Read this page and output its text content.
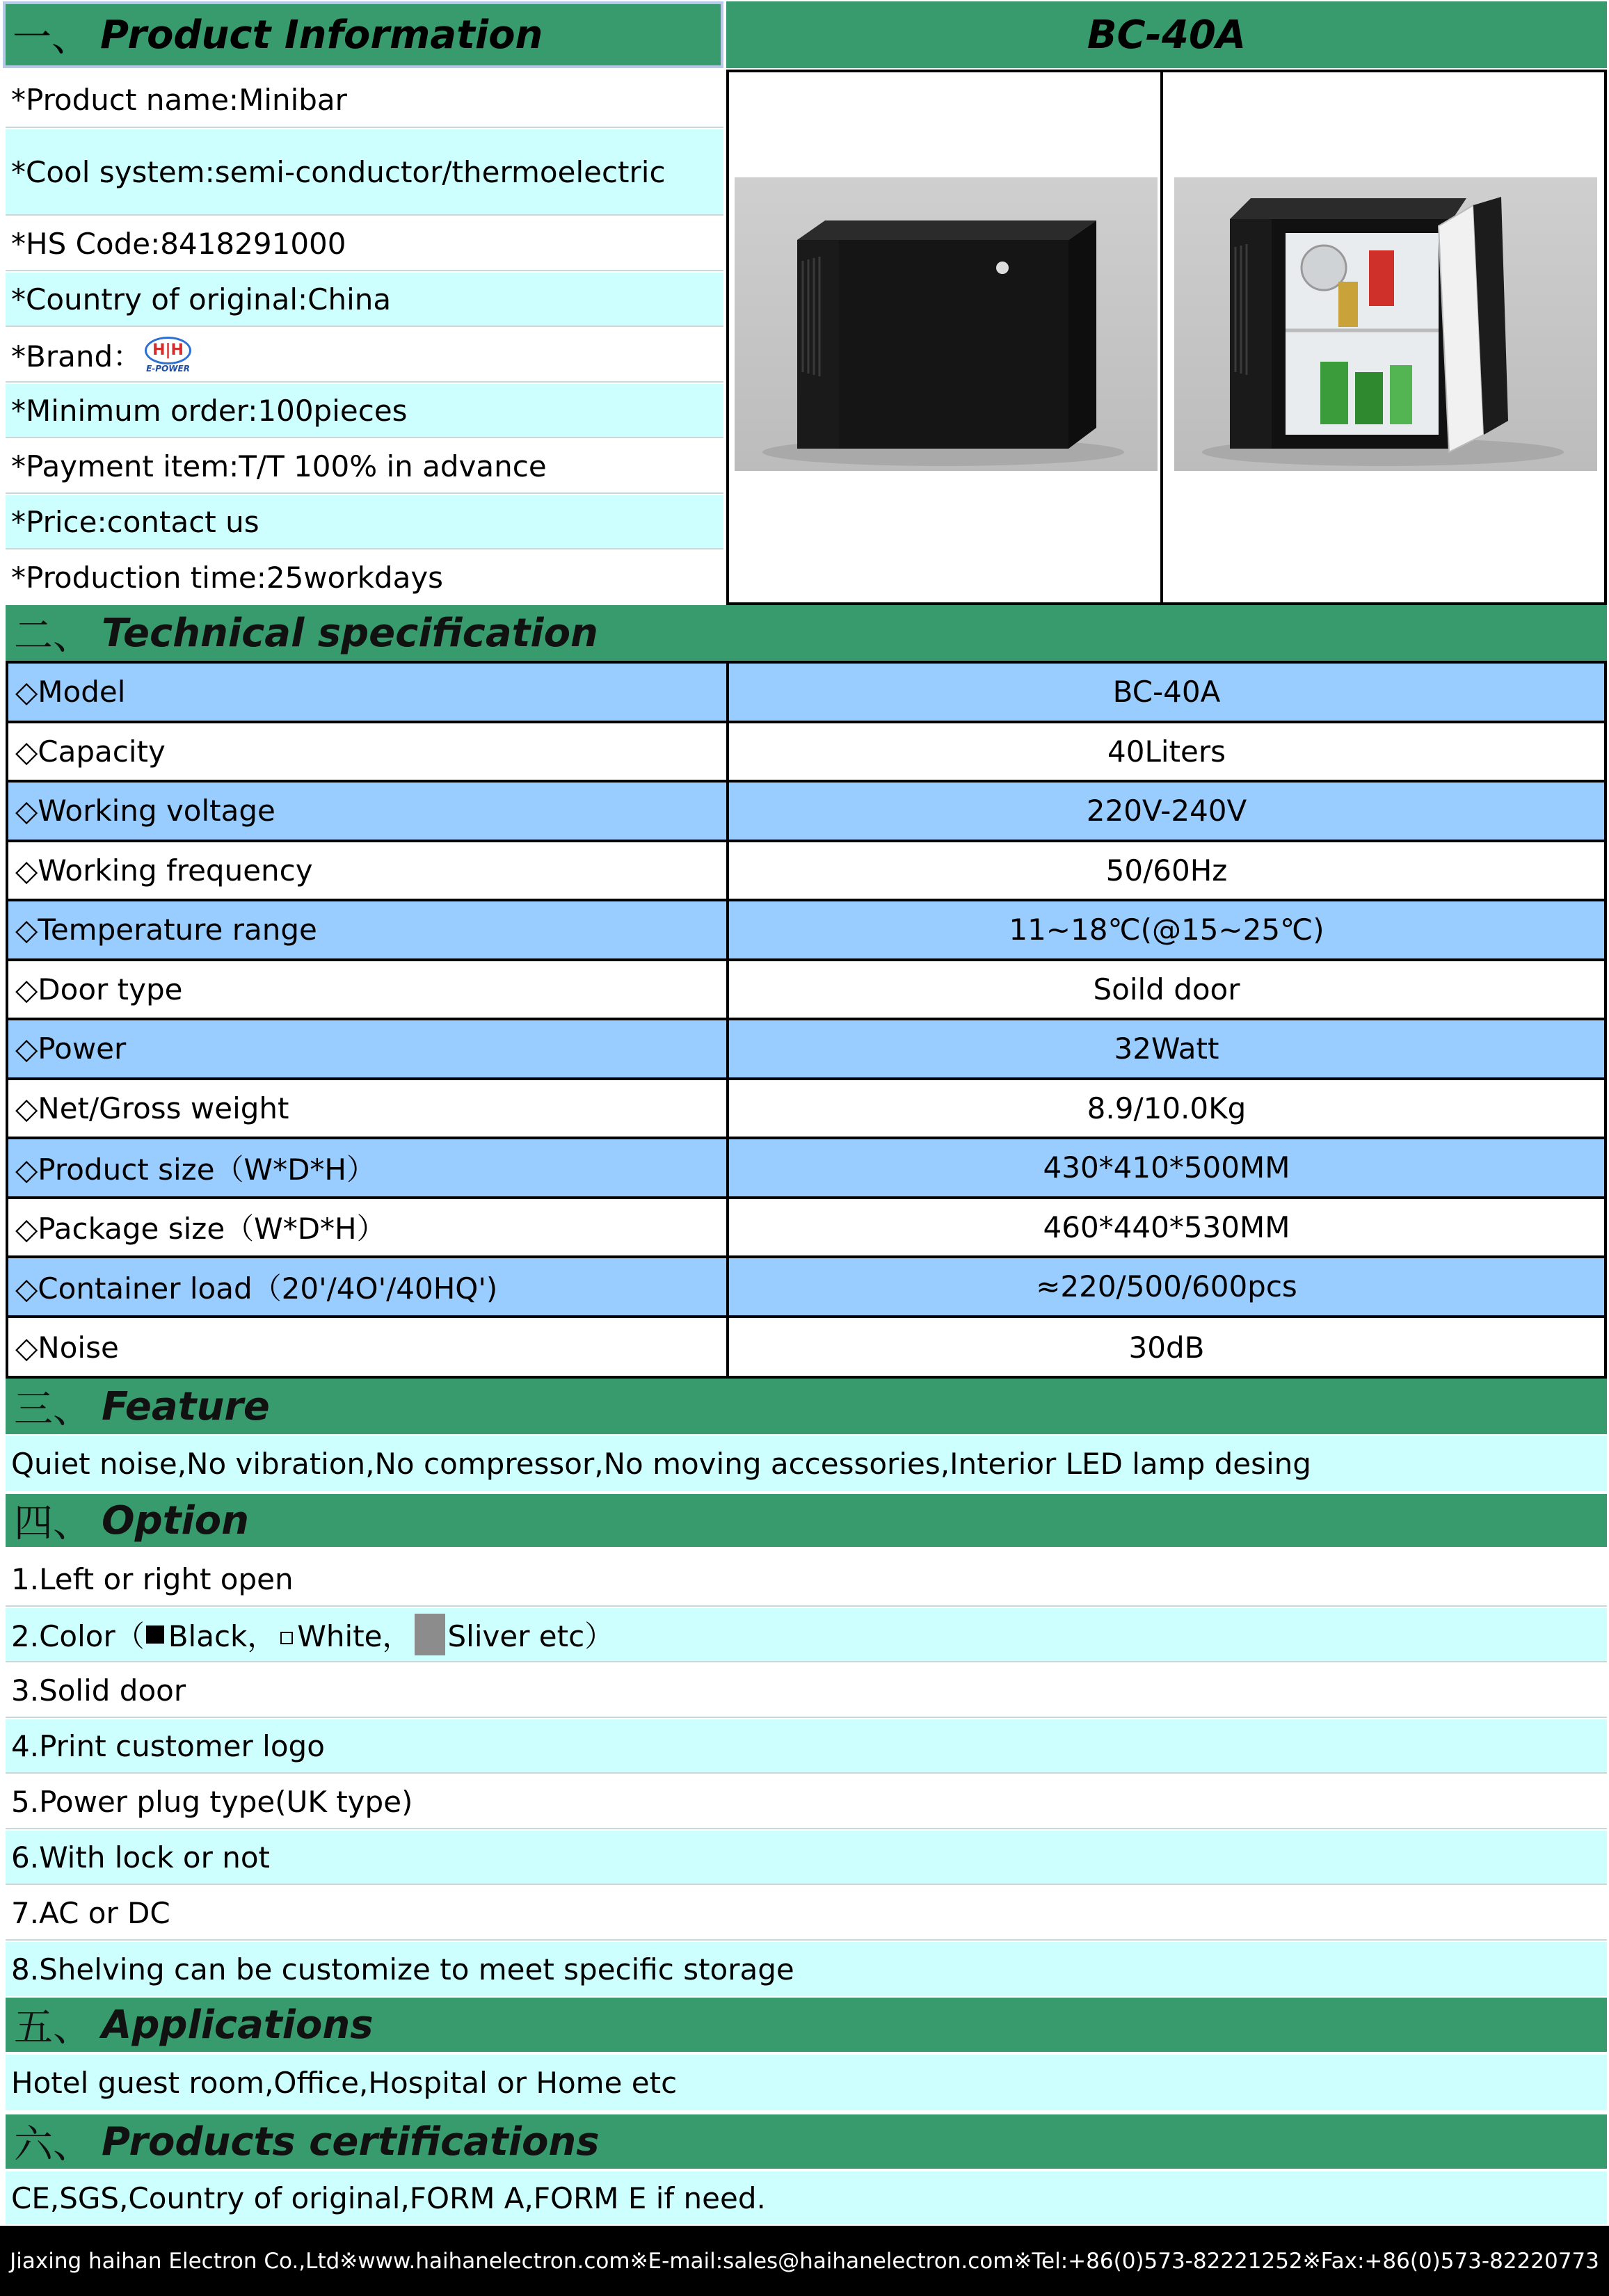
一、 Product Information	BC-40A
*Product name:Minibar
*Cool system:semi-conductor/thermoelectric
*HS Code:8418291000
*Country of original:China
*Brand： H|H
E-POWER
*Minimum order:100pieces
*Payment item:T/T 100% in advance
*Price:contact us
*Production time:25workdays
二、 Technical specification
◇Model	BC-40A
◇Capacity	40Liters
◇Working voltage	220V-240V
◇Working frequency	50/60Hz
◇Temperature range	11~18℃(@15~25℃)
◇Door type	Soild door
◇Power	32Watt
◇Net/Gross weight	8.9/10.0Kg
◇Product size（W*D*H）	430*410*500MM
◇Package size（W*D*H）	460*440*530MM
◇Container load（20'/4O'/40HQ')	≈220/500/600pcs
◇Noise	30dB
三、 Feature
Quiet noise,No vibration,No compressor,No moving accessories,Interior LED lamp desing
四、 Option
1.Left or right open
2.Color（ Black， White， Sliver etc）
3.Solid door
4.Print customer logo
5.Power plug type(UK type)
6.With lock or not
7.AC or DC
8.Shelving can be customize to meet specific storage
五、 Applications
Hotel guest room,Office,Hospital or Home etc
六、 Products certifications
CE,SGS,Country of original,FORM A,FORM E if need.
Jiaxing haihan Electron Co.,Ltd※www.haihanelectron.com※E-mail:sales@haihanelectron.com※Tel:+86(0)573-82221252※Fax:+86(0)573-82220773
